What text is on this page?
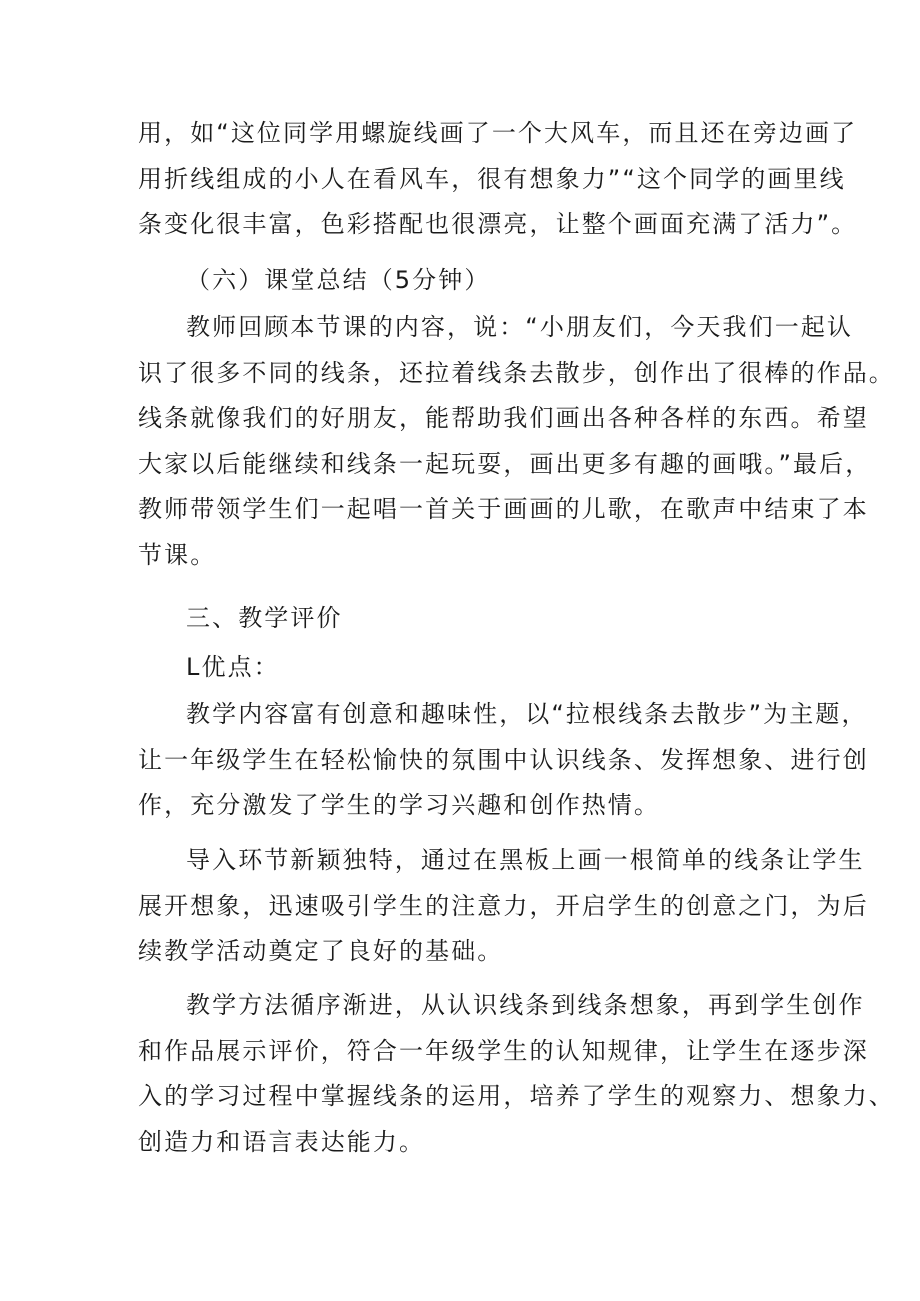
用，如“这位同学用螺旋线画了一个大风车，而且还在旁边画了
用折线组成的小人在看风车，很有想象力”“这个同学的画里线
条变化很丰富，色彩搭配也很漂亮，让整个画面充满了活力”。
（六）课堂总结（5分钟）
教师回顾本节课的内容，说：“小朋友们，今天我们一起认
识了很多不同的线条，还拉着线条去散步，创作出了很棒的作品。
线条就像我们的好朋友，能帮助我们画出各种各样的东西。希望
大家以后能继续和线条一起玩耍，画出更多有趣的画哦。”最后，
教师带领学生们一起唱一首关于画画的儿歌，在歌声中结束了本
节课。
三、教学评价
L优点：
教学内容富有创意和趣味性，以“拉根线条去散步”为主题，
让一年级学生在轻松愉快的氛围中认识线条、发挥想象、进行创
作，充分激发了学生的学习兴趣和创作热情。
导入环节新颖独特，通过在黑板上画一根简单的线条让学生
展开想象，迅速吸引学生的注意力，开启学生的创意之门，为后
续教学活动奠定了良好的基础。
教学方法循序渐进，从认识线条到线条想象，再到学生创作
和作品展示评价，符合一年级学生的认知规律，让学生在逐步深
入的学习过程中掌握线条的运用，培养了学生的观察力、想象力、
创造力和语言表达能力。
